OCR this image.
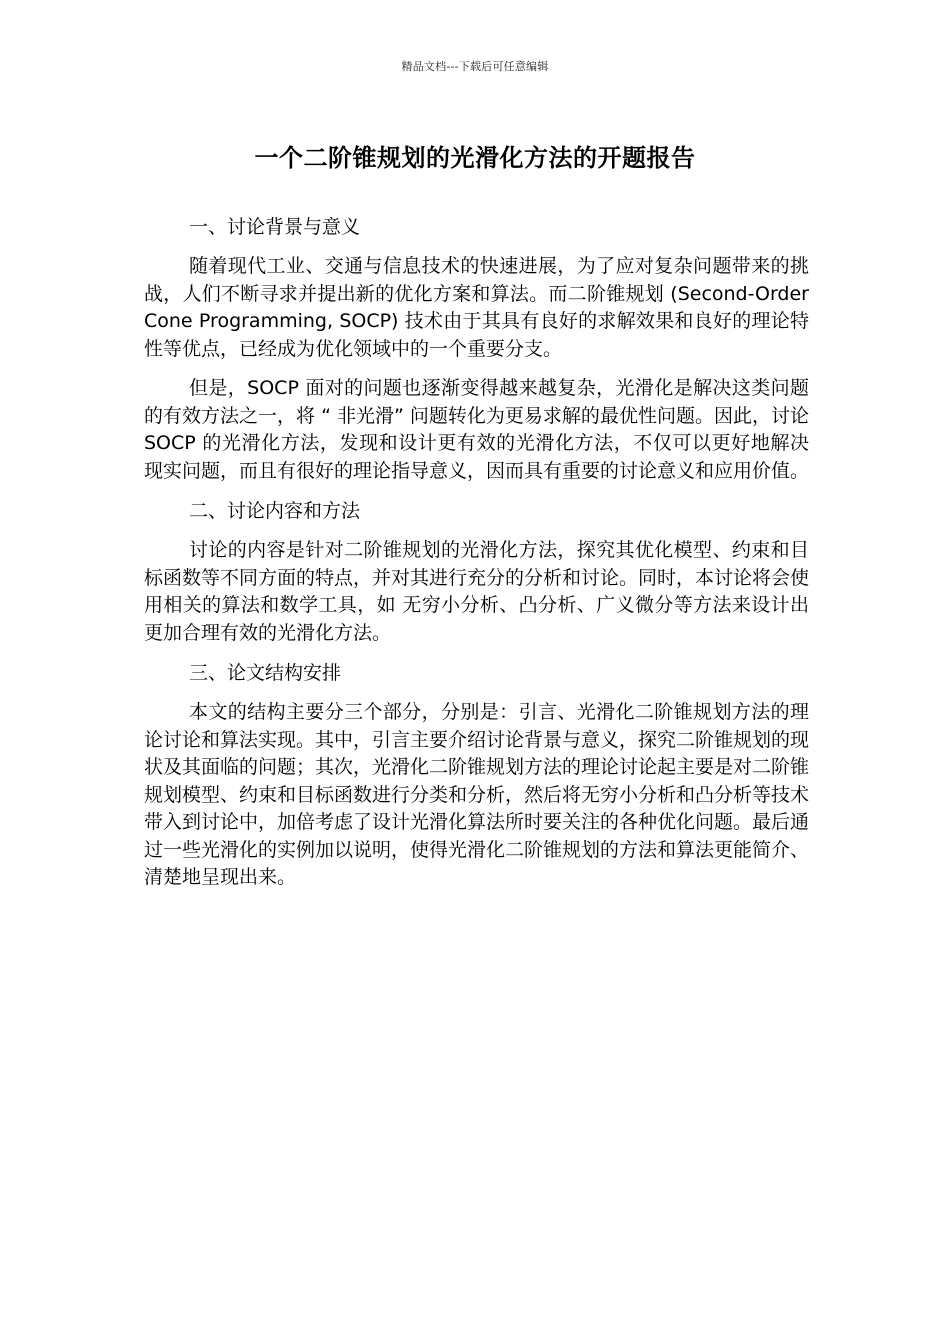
精品文档---下载后可任意编辑
一个二阶锥规划的光滑化方法的开题报告

一、讨论背景与意义

随着现代工业、交通与信息技术的快速进展，为了应对复杂问题带来的挑战，人们不断寻求并提出新的优化方案和算法。而二阶锥规划 (Second-Order Cone Programming, SOCP) 技术由于其具有良好的求解效果和良好的理论特性等优点，已经成为优化领域中的一个重要分支。

但是，SOCP 面对的问题也逐渐变得越来越复杂，光滑化是解决这类问题的有效方法之一，将 “ 非光滑” 问题转化为更易求解的最优性问题。因此，讨论 SOCP 的光滑化方法，发现和设计更有效的光滑化方法，不仅可以更好地解决现实问题，而且有很好的理论指导意义，因而具有重要的讨论意义和应用价值。

二、讨论内容和方法

讨论的内容是针对二阶锥规划的光滑化方法，探究其优化模型、约束和目标函数等不同方面的特点，并对其进行充分的分析和讨论。同时，本讨论将会使用相关的算法和数学工具，如 无穷小分析、凸分析、广义微分等方法来设计出更加合理有效的光滑化方法。

三、论文结构安排

本文的结构主要分三个部分，分别是：引言、光滑化二阶锥规划方法的理论讨论和算法实现。其中，引言主要介绍讨论背景与意义，探究二阶锥规划的现状及其面临的问题；其次，光滑化二阶锥规划方法的理论讨论起主要是对二阶锥规划模型、约束和目标函数进行分类和分析，然后将无穷小分析和凸分析等技术带入到讨论中，加倍考虑了设计光滑化算法所时要关注的各种优化问题。最后通过一些光滑化的实例加以说明，使得光滑化二阶锥规划的方法和算法更能简介、清楚地呈现出来。
